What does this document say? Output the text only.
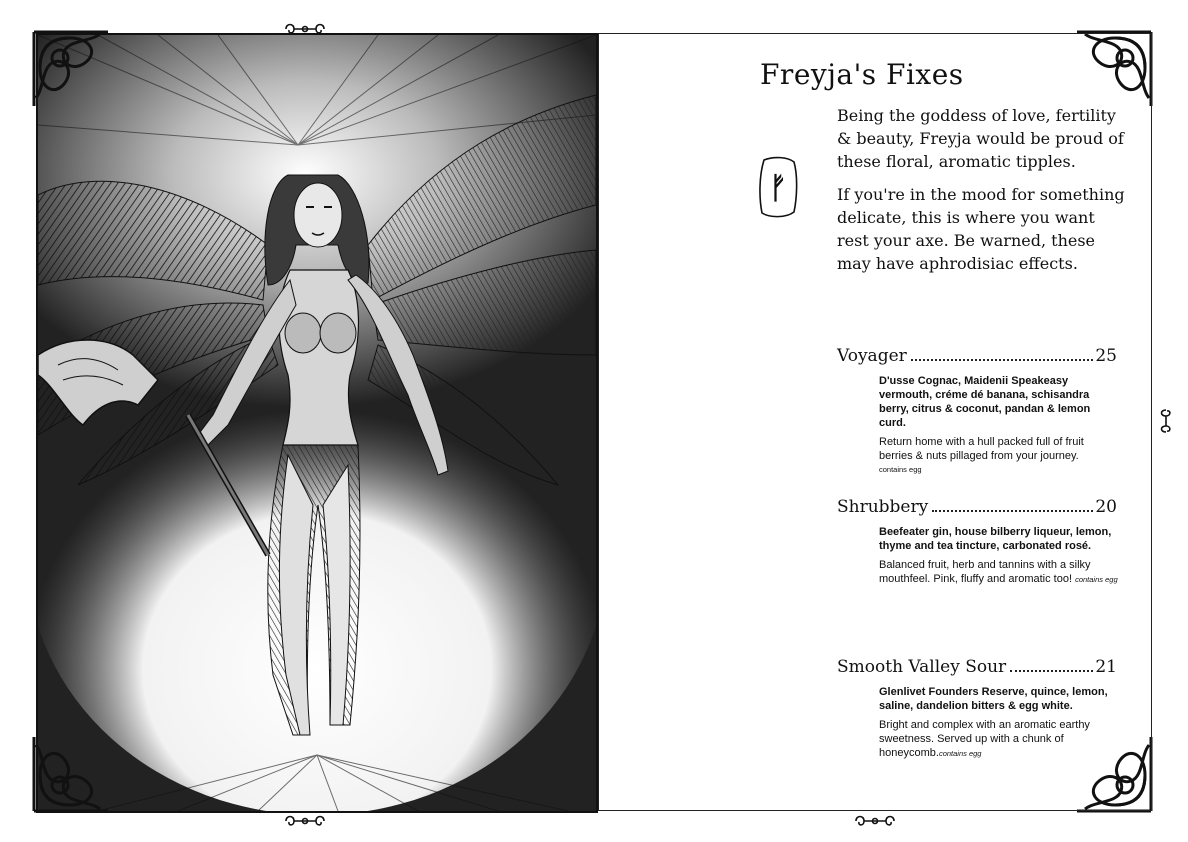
Freyja's Fixes
ᚠ

Being the goddess of love, fertility & beauty, Freyja would be proud of these floral, aromatic tipples.

If you're in the mood for something delicate, this is where you want rest your axe. Be warned, these may have aphrodisiac effects.

Voyager	25

D'usse Cognac, Maidenii Speakeasy vermouth, créme dé banana, schisandra berry, citrus & coconut, pandan & lemon curd.

Return home with a hull packed full of fruit berries & nuts pillaged from your journey.

contains egg
Shrubbery	20

Beefeater gin, house bilberry liqueur, lemon, thyme and tea tincture, carbonated rosé.

Balanced fruit, herb and tannins with a silky mouthfeel. Pink, fluffy and aromatic too! contains egg

Smooth Valley Sour	21

Glenlivet Founders Reserve, quince, lemon, saline, dandelion bitters & egg white.

Bright and complex with an aromatic earthy sweetness. Served up with a chunk of honeycomb.contains egg
